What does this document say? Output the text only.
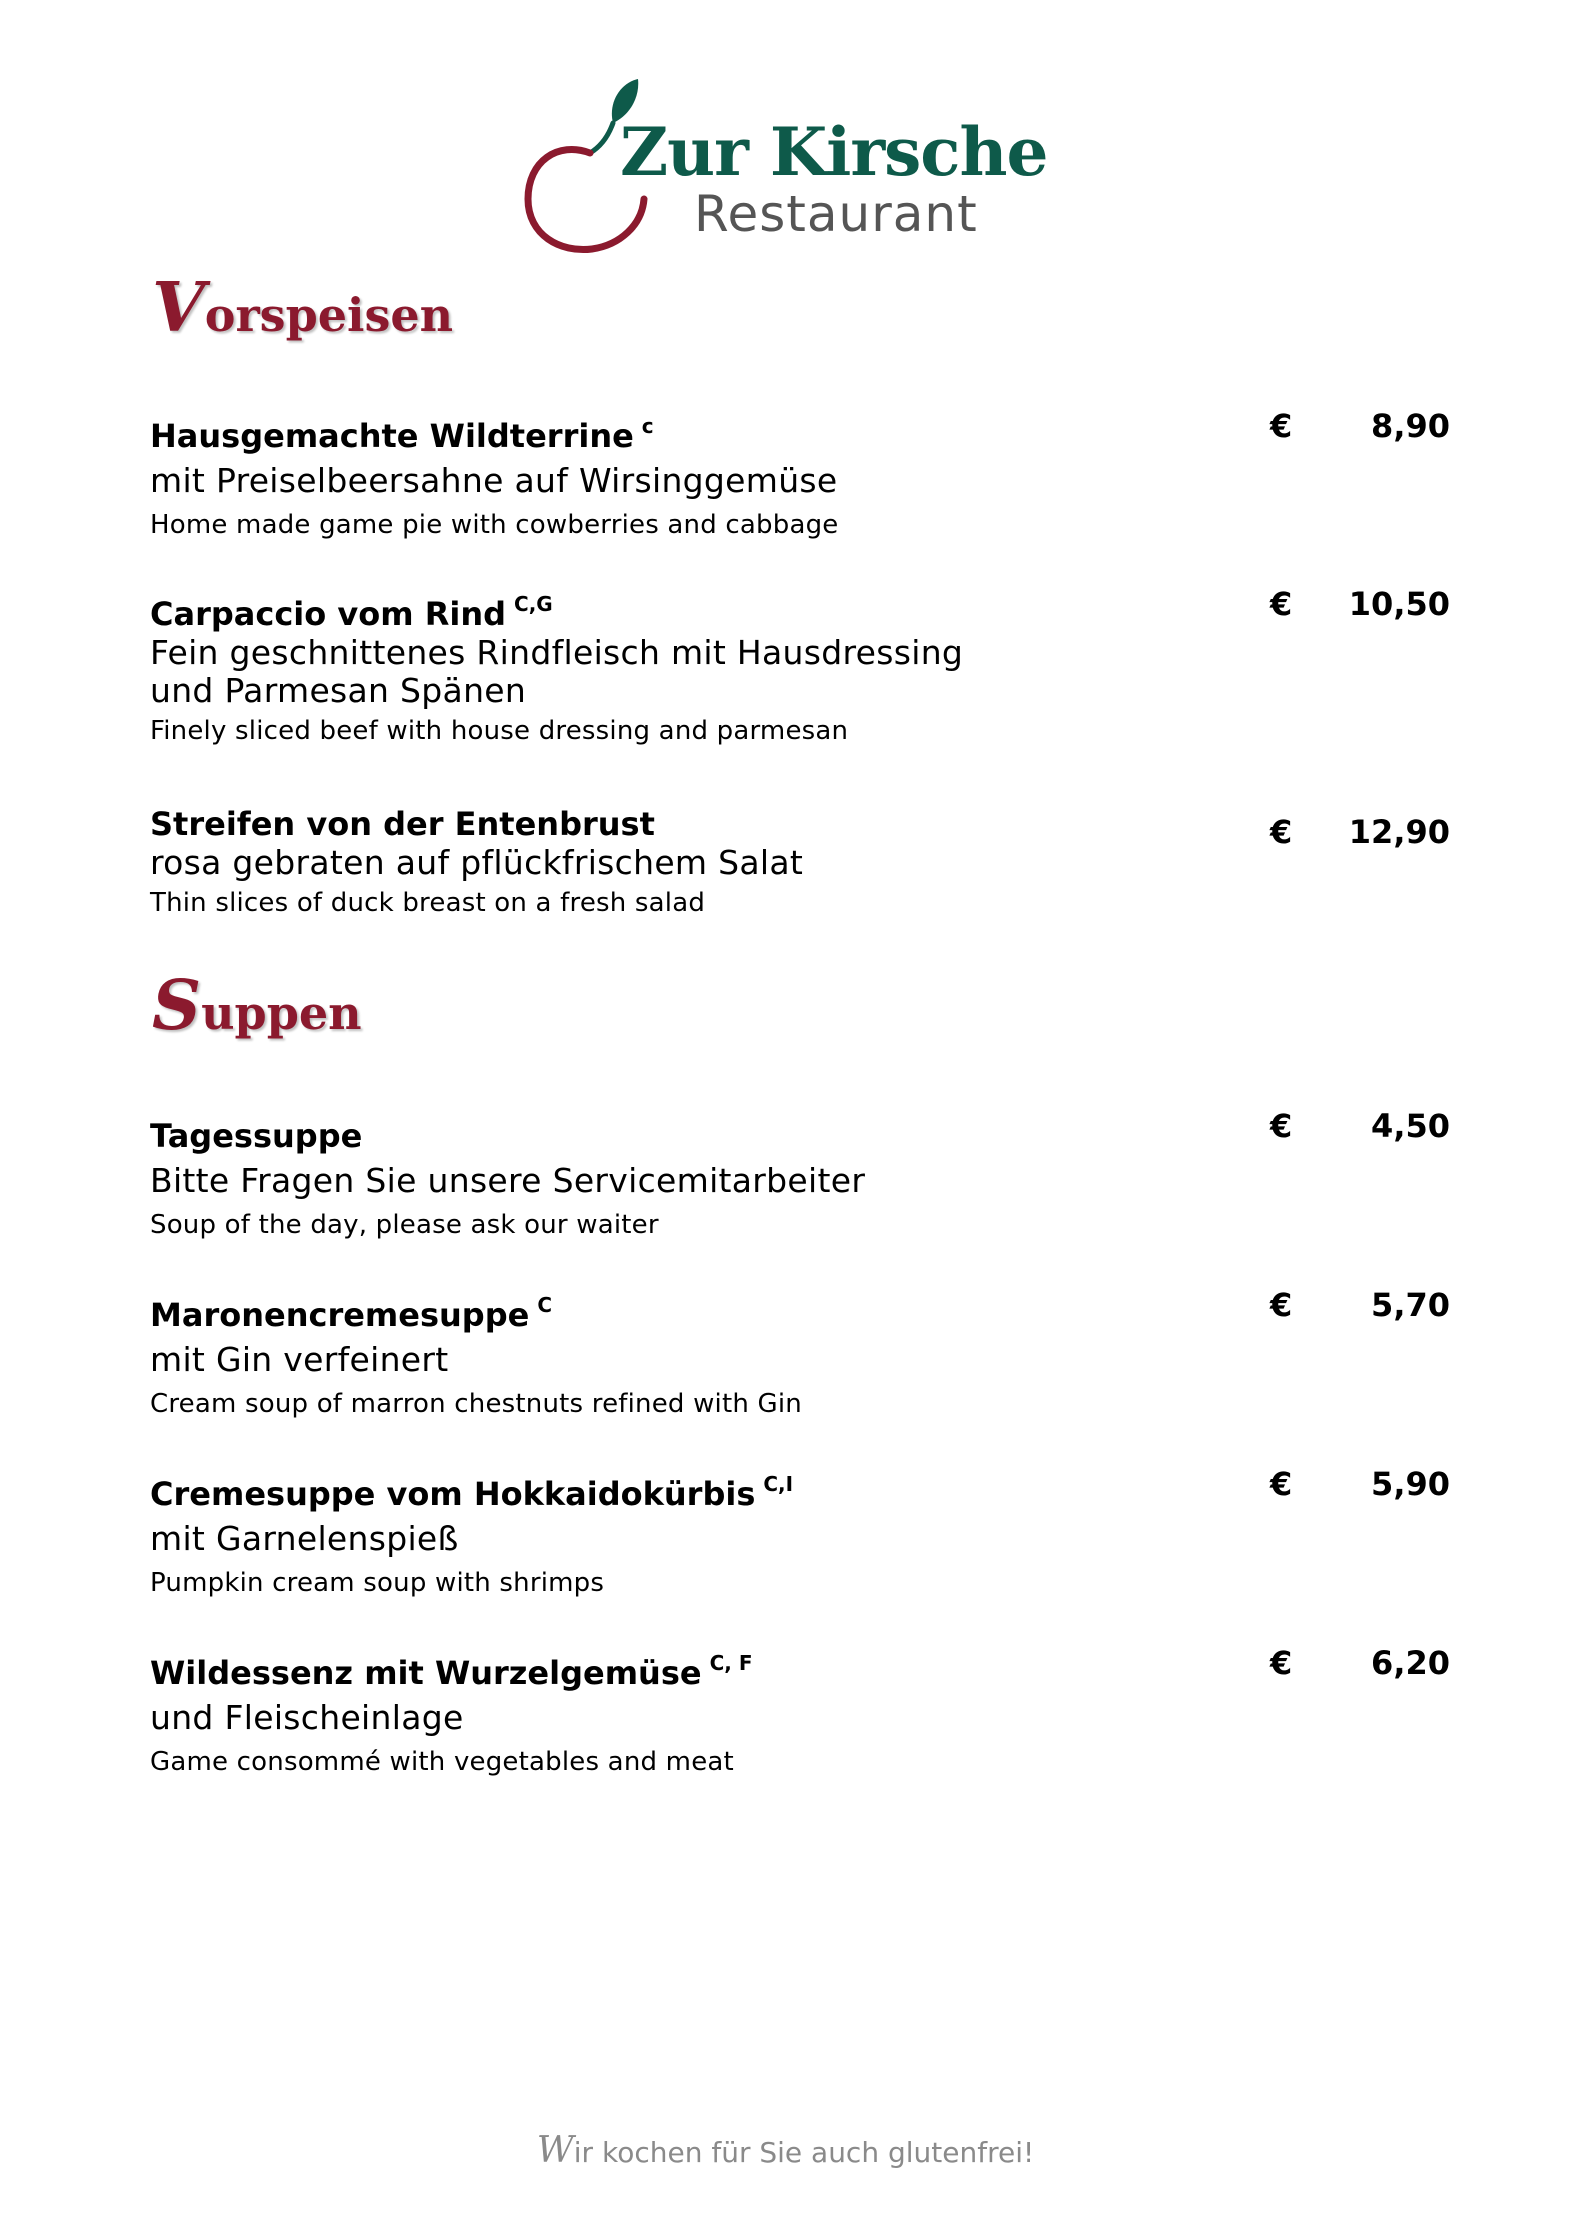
Zur Kirsche
Restaurant
Vorspeisen
Hausgemachte Wildterrine $^c$
mit Preiselbeersahne auf Wirsinggemüse
Home made game pie with cowberries and cabbage
€ 8,90
Carpaccio vom Rind $^{C,G}$
Fein geschnittenes Rindfleisch mit Hausdressing
und Parmesan Spänen
Finely sliced beef with house dressing and parmesan
€ 10,50
Streifen von der Entenbrust
rosa gebraten auf pflückfrischem Salat
Thin slices of duck breast on a fresh salad
€ 12,90
Suppen
Tagessuppe
Bitte Fragen Sie unsere Servicemitarbeiter
Soup of the day, please ask our waiter
€ 4,50
Maronencremesuppe $^C$
mit Gin verfeinert
Cream soup of marron chestnuts refined with Gin
€ 5,70
Cremesuppe vom Hokkaidokürbis $^{C,I}$
mit Garnelenspieß
Pumpkin cream soup with shrimps
€ 5,90
Wildessenz mit Wurzelgemüse $^{C, F}$
und Fleischeinlage
Game consommé with vegetables and meat
€ 6,20
Wir kochen für Sie auch glutenfrei!
